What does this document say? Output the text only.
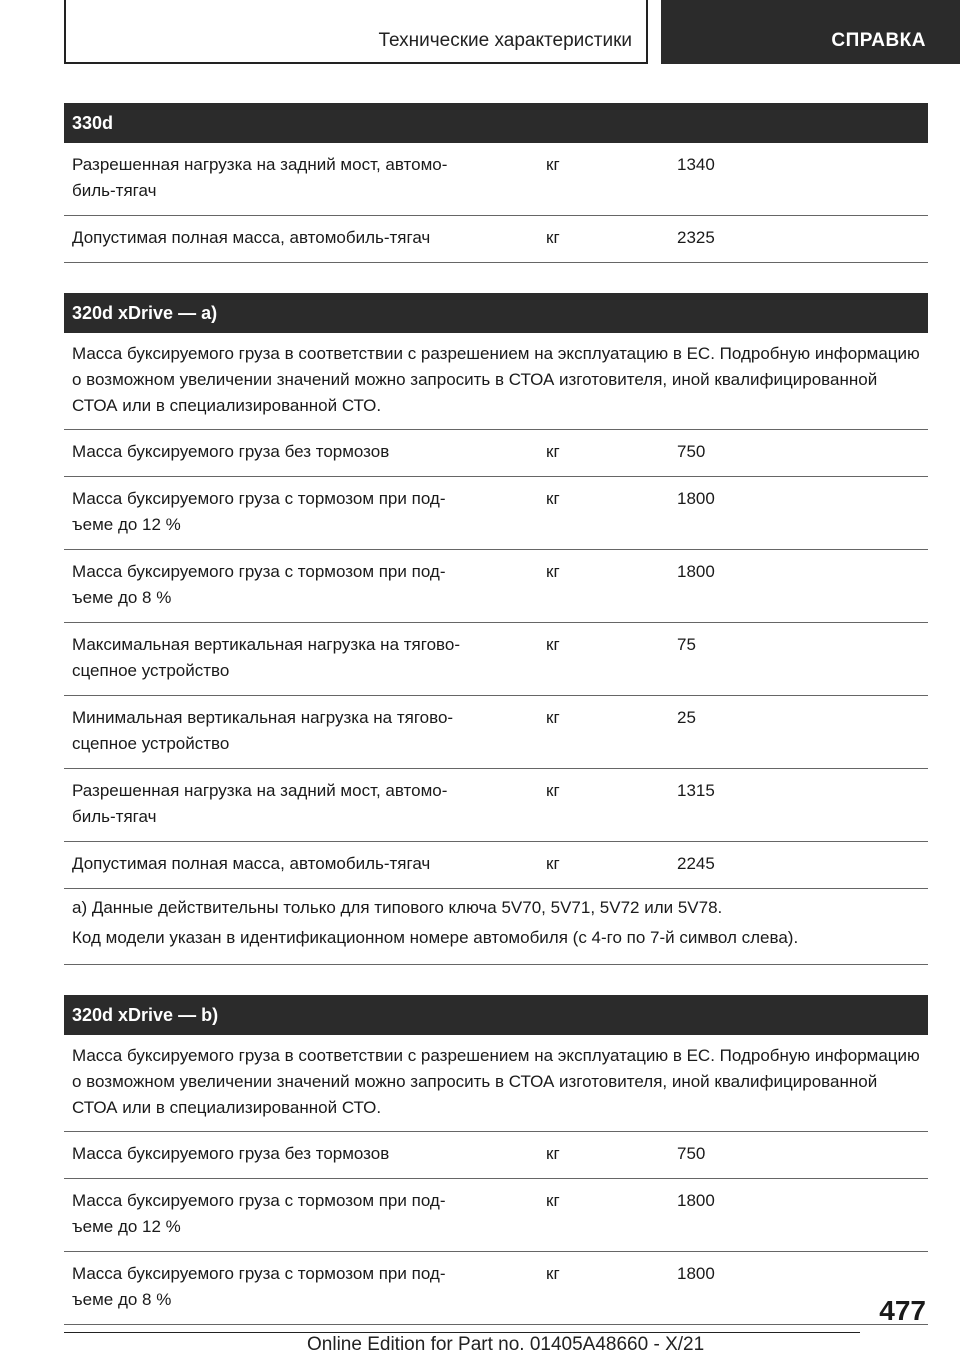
Технические характеристики	СПРАВКА
330d
Разрешенная нагрузка на задний мост, автомо-
биль-тягач
кг	1340
Допустимая полная масса, автомобиль-тягач	кг	2325
320d xDrive — a)
Масса буксируемого груза в соответствии с разрешением на эксплуатацию в ЕС. Подробную информацию о возможном увеличении значений можно запросить в СТОА изготовителя, иной квалифицированной СТОА или в специализированной СТО.
Масса буксируемого груза без тормозов	кг	750
Масса буксируемого груза с тормозом при под-
ъеме до 12 %
кг	1800
Масса буксируемого груза с тормозом при под-
ъеме до 8 %
кг	1800
Максимальная вертикальная нагрузка на тягово-
сцепное устройство
кг	75
Минимальная вертикальная нагрузка на тягово-
сцепное устройство
кг	25
Разрешенная нагрузка на задний мост, автомо-
биль-тягач
кг	1315
Допустимая полная масса, автомобиль-тягач	кг	2245
a) Данные действительны только для типового ключа 5V70, 5V71, 5V72 или 5V78.
Код модели указан в идентификационном номере автомобиля (с 4-го по 7-й символ слева).
320d xDrive — b)
Масса буксируемого груза в соответствии с разрешением на эксплуатацию в ЕС. Подробную информацию о возможном увеличении значений можно запросить в СТОА изготовителя, иной квалифицированной СТОА или в специализированной СТО.
Масса буксируемого груза без тормозов	кг	750
Масса буксируемого груза с тормозом при под-
ъеме до 12 %
кг	1800
Масса буксируемого груза с тормозом при под-
ъеме до 8 %
кг	1800
477
Online Edition for Part no. 01405A48660 - X/21
